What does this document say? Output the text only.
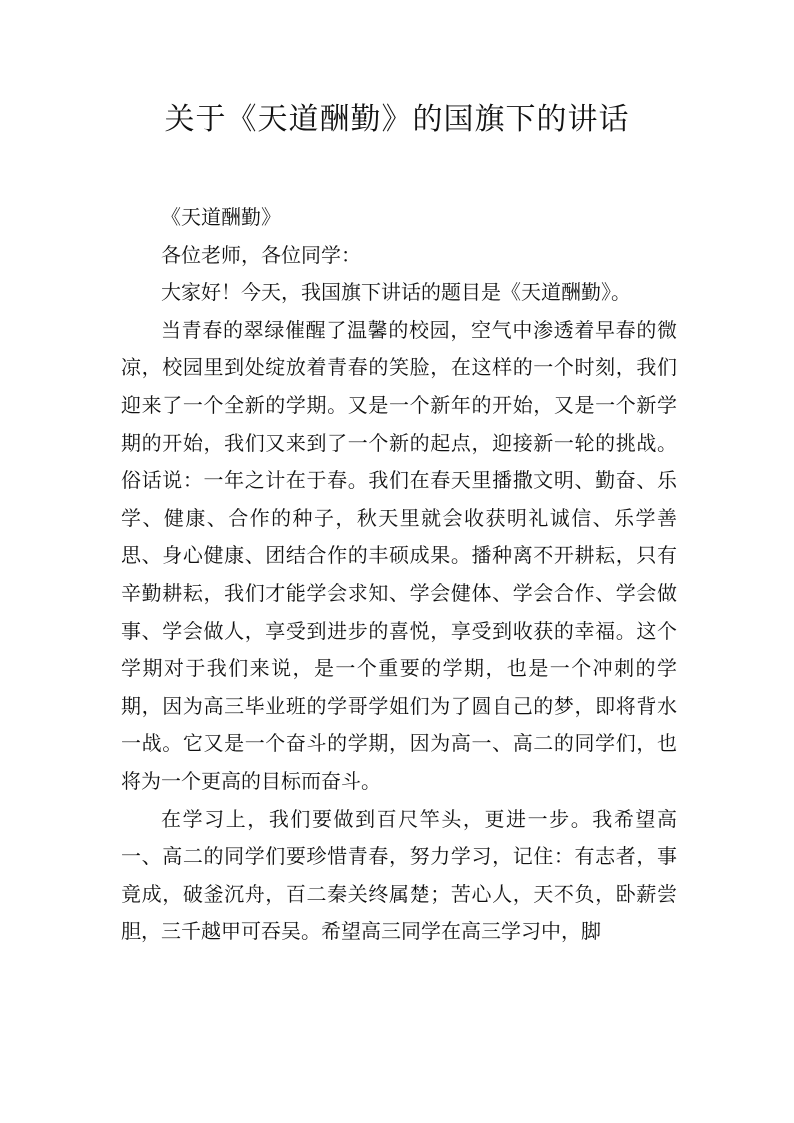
关于《天道酬勤》的国旗下的讲话

《天道酬勤》

各位老师，各位同学：

大家好！今天，我国旗下讲话的题目是《天道酬勤》。

当青春的翠绿催醒了温馨的校园，空气中渗透着早春的微凉，校园里到处绽放着青春的笑脸，在这样的一个时刻，我们迎来了一个全新的学期。又是一个新年的开始，又是一个新学期的开始，我们又来到了一个新的起点，迎接新一轮的挑战。俗话说：一年之计在于春。我们在春天里播撒文明、勤奋、乐学、健康、合作的种子，秋天里就会收获明礼诚信、乐学善思、身心健康、团结合作的丰硕成果。播种离不开耕耘，只有辛勤耕耘，我们才能学会求知、学会健体、学会合作、学会做事、学会做人，享受到进步的喜悦，享受到收获的幸福。这个学期对于我们来说，是一个重要的学期，也是一个冲刺的学期，因为高三毕业班的学哥学姐们为了圆自己的梦，即将背水一战。它又是一个奋斗的学期，因为高一、高二的同学们，也将为一个更高的目标而奋斗。

在学习上，我们要做到百尺竿头，更进一步。我希望高一、高二的同学们要珍惜青春，努力学习，记住：有志者，事竟成，破釜沉舟，百二秦关终属楚；苦心人，天不负，卧薪尝胆，三千越甲可吞吴。希望高三同学在高三学习中，脚
